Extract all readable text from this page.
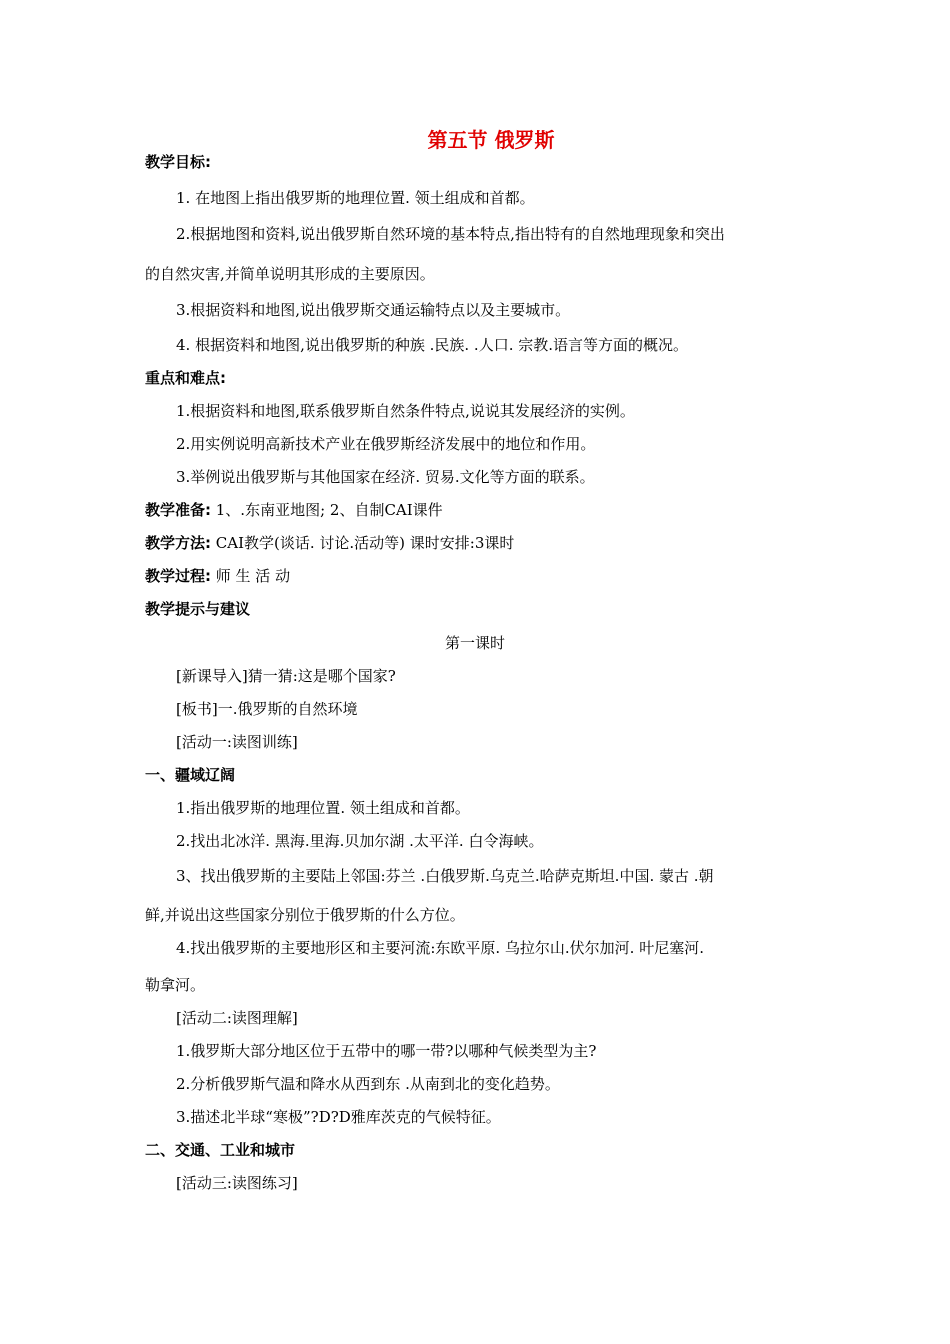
第五节 俄罗斯
教学目标:
1. 在地图上指出俄罗斯的地理位置. 领土组成和首都。
2.根据地图和资料,说出俄罗斯自然环境的基本特点,指出特有的自然地理现象和突出
的自然灾害,并简单说明其形成的主要原因。
3.根据资料和地图,说出俄罗斯交通运输特点以及主要城市。
4. 根据资料和地图,说出俄罗斯的种族 .民族. .人口. 宗教.语言等方面的概况。
重点和难点:
1.根据资料和地图,联系俄罗斯自然条件特点,说说其发展经济的实例。
2.用实例说明高新技术产业在俄罗斯经济发展中的地位和作用。
3.举例说出俄罗斯与其他国家在经济. 贸易.文化等方面的联系。
教学准备: 1、.东南亚地图; 2、自制CAI课件
教学方法: CAI教学(谈话. 讨论.活动等) 课时安排:3课时
教学过程: 师 生 活 动
教学提示与建议
第一课时
[新课导入]猜一猜:这是哪个国家?
[板书]一.俄罗斯的自然环境
[活动一:读图训练]
一、疆域辽阔
1.指出俄罗斯的地理位置. 领土组成和首都。
2.找出北冰洋. 黑海.里海.贝加尔湖 .太平洋. 白令海峡。
3、找出俄罗斯的主要陆上邻国:芬兰 .白俄罗斯.乌克兰.哈萨克斯坦.中国. 蒙古 .朝
鲜,并说出这些国家分别位于俄罗斯的什么方位。
4.找出俄罗斯的主要地形区和主要河流:东欧平原. 乌拉尔山.伏尔加河. 叶尼塞河.
勒拿河。
[活动二:读图理解]
1.俄罗斯大部分地区位于五带中的哪一带?以哪种气候类型为主?
2.分析俄罗斯气温和降水从西到东 .从南到北的变化趋势。
3.描述北半球“寒极”?D?D雅库茨克的气候特征。
二、交通、工业和城市
[活动三:读图练习]
